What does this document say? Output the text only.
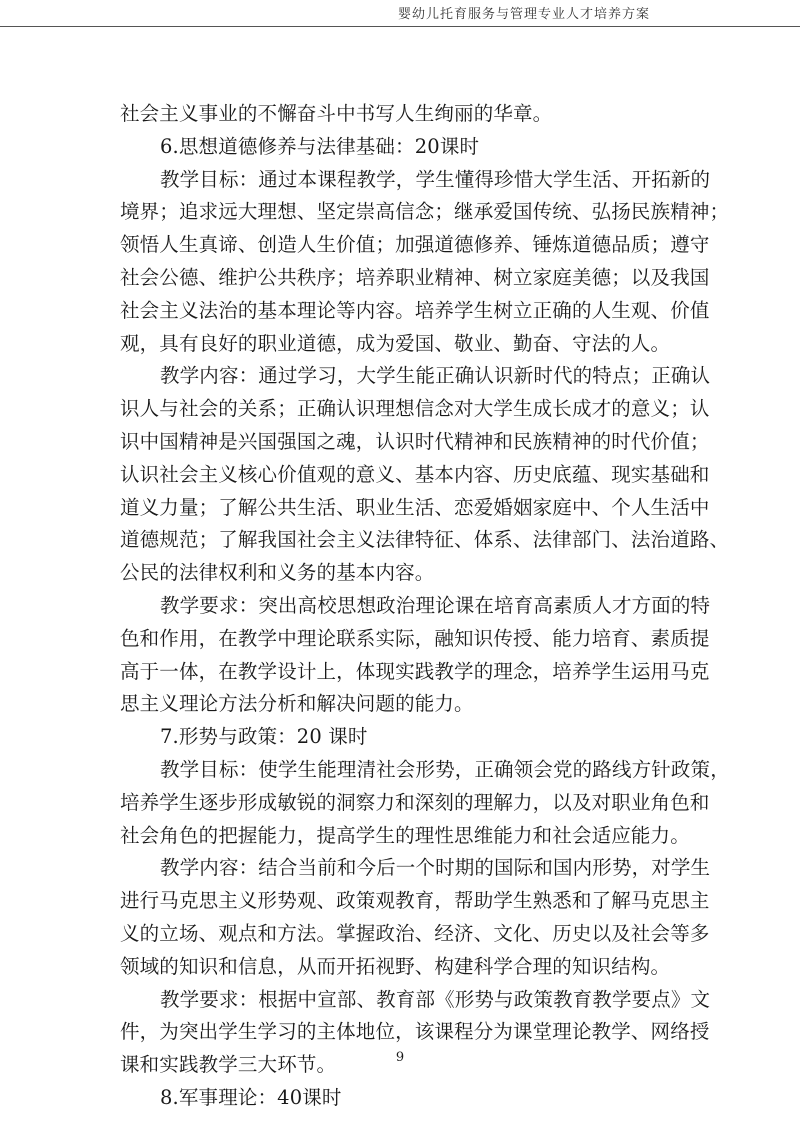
婴幼儿托育服务与管理专业人才培养方案
社会主义事业的不懈奋斗中书写人生绚丽的华章。
6.思想道德修养与法律基础：20课时
教学目标：通过本课程教学，学生懂得珍惜大学生活、开拓新的
境界；追求远大理想、坚定崇高信念；继承爱国传统、弘扬民族精神；
领悟人生真谛、创造人生价值；加强道德修养、锤炼道德品质；遵守
社会公德、维护公共秩序；培养职业精神、树立家庭美德；以及我国
社会主义法治的基本理论等内容。培养学生树立正确的人生观、价值
观，具有良好的职业道德，成为爱国、敬业、勤奋、守法的人。
教学内容：通过学习，大学生能正确认识新时代的特点；正确认
识人与社会的关系；正确认识理想信念对大学生成长成才的意义；认
识中国精神是兴国强国之魂，认识时代精神和民族精神的时代价值；
认识社会主义核心价值观的意义、基本内容、历史底蕴、现实基础和
道义力量；了解公共生活、职业生活、恋爱婚姻家庭中、个人生活中
道德规范；了解我国社会主义法律特征、体系、法律部门、法治道路、
公民的法律权利和义务的基本内容。
教学要求：突出高校思想政治理论课在培育高素质人才方面的特
色和作用，在教学中理论联系实际，融知识传授、能力培育、素质提
高于一体，在教学设计上，体现实践教学的理念，培养学生运用马克
思主义理论方法分析和解决问题的能力。
7.形势与政策：20 课时
教学目标：使学生能理清社会形势，正确领会党的路线方针政策，
培养学生逐步形成敏锐的洞察力和深刻的理解力，以及对职业角色和
社会角色的把握能力，提高学生的理性思维能力和社会适应能力。
教学内容：结合当前和今后一个时期的国际和国内形势，对学生
进行马克思主义形势观、政策观教育，帮助学生熟悉和了解马克思主
义的立场、观点和方法。掌握政治、经济、文化、历史以及社会等多
领域的知识和信息，从而开拓视野、构建科学合理的知识结构。
教学要求：根据中宣部、教育部《形势与政策教育教学要点》文
件，为突出学生学习的主体地位，该课程分为课堂理论教学、网络授
课和实践教学三大环节。
8.军事理论：40课时
9
